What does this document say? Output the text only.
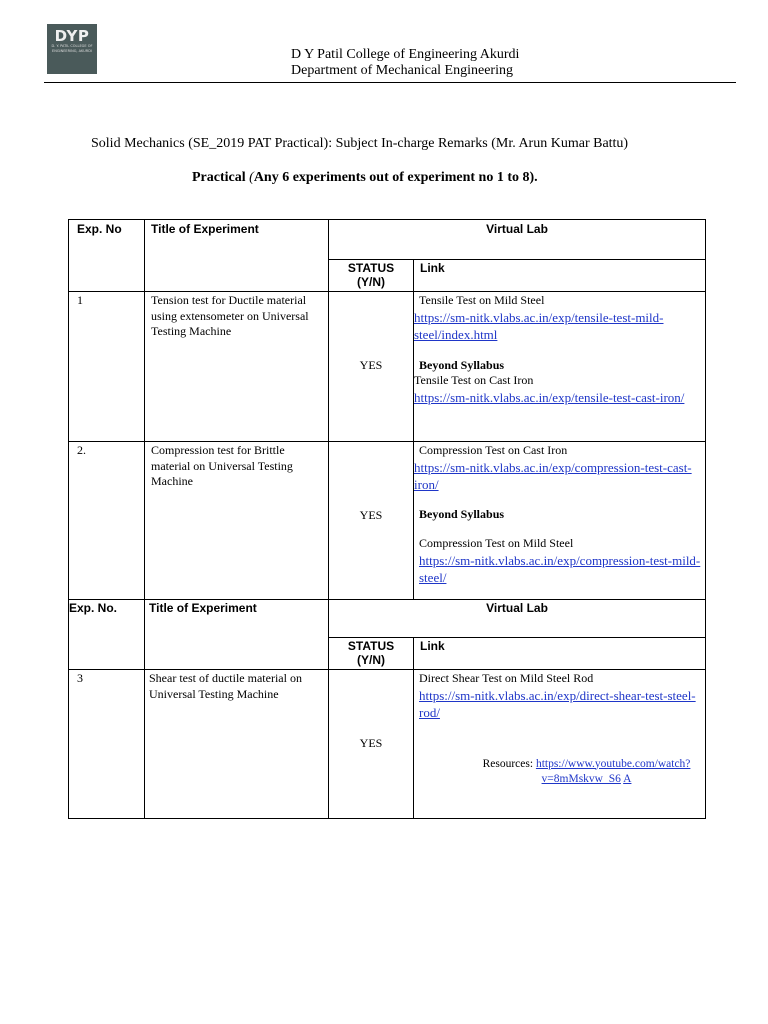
DYP
D. Y. PATIL COLLEGE OF ENGINEERING, AKURDI	D Y Patil College of Engineering Akurdi
Department of Mechanical Engineering
Solid Mechanics (SE_2019 PAT Practical): Subject In-charge Remarks (Mr. Arun Kumar Battu)
Practical (Any 6 experiments out of experiment no 1 to 8).
Exp. No	Title of Experiment	Virtual Lab	
		STATUS (Y/N)	Link
1	Tension test for Ductile material using extensometer on Universal Testing Machine	YES	Tensile Test on Mild Steel
https://sm-nitk.vlabs.ac.in/exp/tensile-test-mild-steel/index.html
Beyond Syllabus
Tensile Test on Cast Iron
https://sm-nitk.vlabs.ac.in/exp/tensile-test-cast-iron/

2.	Compression test for Brittle material on Universal Testing Machine	YES	Compression Test on Cast Iron
https://sm-nitk.vlabs.ac.in/exp/compression-test-cast-iron/
Beyond Syllabus
Compression Test on Mild Steel
https://sm-nitk.vlabs.ac.in/exp/compression-test-mild-steel/
Exp. No.	Title of Experiment	Virtual Lab	
		STATUS (Y/N)	Link
3	Shear test of ductile material on Universal Testing Machine	YES	Direct Shear Test on Mild Steel Rod
https://sm-nitk.vlabs.ac.in/exp/direct-shear-test-steel-rod/
Resources: https://www.youtube.com/watch?v=8mMskvw_S6 A
